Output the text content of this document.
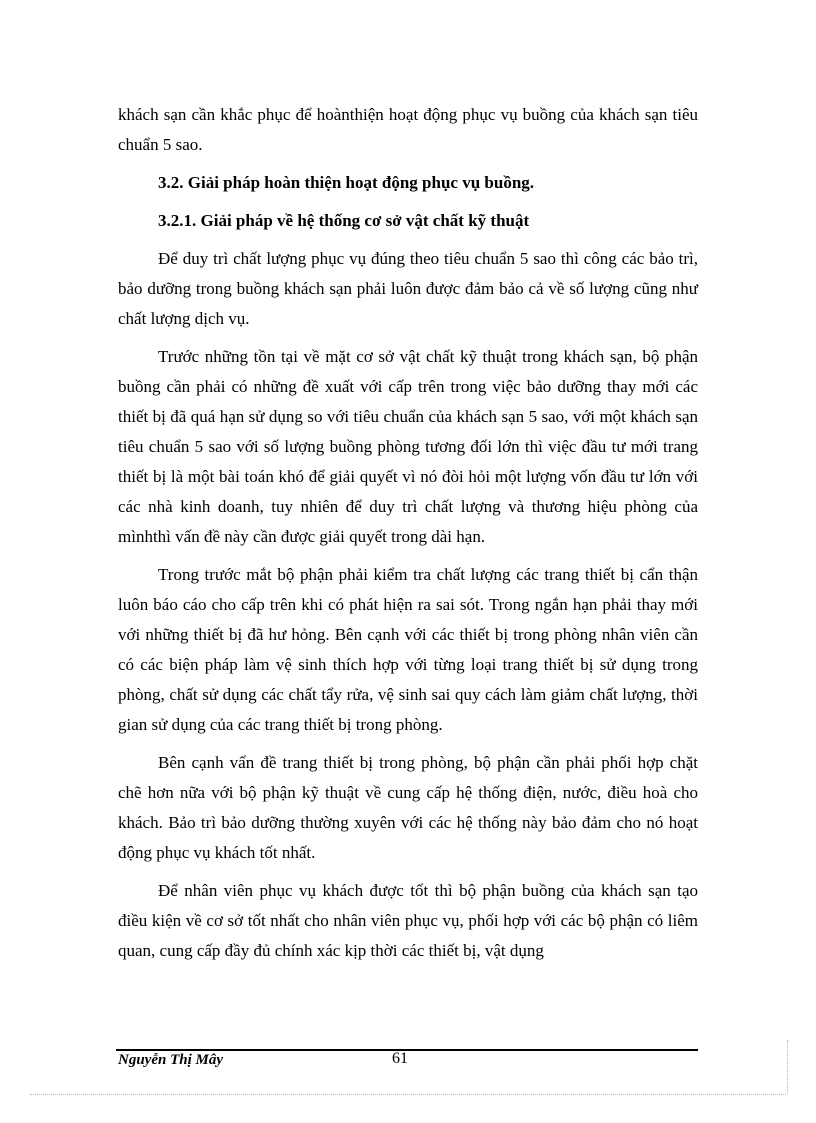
khách sạn cần khắc phục để hoànthiện hoạt động phục vụ buồng của khách sạn tiêu chuẩn 5 sao.

3.2. Giải pháp hoàn thiện hoạt động phục vụ buồng.

3.2.1. Giải pháp về hệ thống cơ sở vật chất kỹ thuật

Để duy trì chất lượng phục vụ đúng theo tiêu chuẩn 5 sao thì công các bảo trì, bảo dưỡng trong buồng khách sạn phải luôn được đảm bảo cả về số lượng cũng như chất lượng dịch vụ.

Trước những tồn tại về mặt cơ sở vật chất kỹ thuật trong khách sạn, bộ phận buồng cần phải có những đề xuất với cấp trên trong việc bảo dưỡng thay mới các thiết bị đã quá hạn sử dụng so với tiêu chuẩn của khách sạn 5 sao, với một khách sạn tiêu chuẩn 5 sao với số lượng buồng phòng tương đối lớn thì việc đầu tư mới trang thiết bị là một bài toán khó để giải quyết vì nó đòi hỏi một lượng vốn đầu tư lớn với các nhà kinh doanh, tuy nhiên để duy trì chất lượng và thương hiệu phòng của mìnhthì vấn đề này cần được giải quyết trong dài hạn.

Trong trước mắt bộ phận phải kiểm tra chất lượng các trang thiết bị cẩn thận luôn báo cáo cho cấp trên khi có phát hiện ra sai sót. Trong ngắn hạn phải thay mới với những thiết bị đã hư hỏng. Bên cạnh với các thiết bị trong phòng nhân viên cần có các biện pháp làm vệ sinh thích hợp với từng loại trang thiết bị sử dụng trong phòng, chất sử dụng các chất tẩy rửa, vệ sinh sai quy cách làm giảm chất lượng, thời gian sử dụng của các trang thiết bị trong phòng.

Bên cạnh vấn đề trang thiết bị trong phòng, bộ phận cần phải phối hợp chặt chẽ hơn nữa với bộ phận kỹ thuật về cung cấp hệ thống điện, nước, điều hoà cho khách. Bảo trì bảo dưỡng thường xuyên với các hệ thống này bảo đảm cho nó hoạt động phục vụ khách tốt nhất.

Để nhân viên phục vụ khách được tốt thì bộ phận buồng của khách sạn tạo điều kiện về cơ sở tốt nhất cho nhân viên phục vụ, phối hợp với các bộ phận có liêm quan, cung cấp đầy đủ chính xác kịp thời các thiết bị, vật dụng

Nguyễn Thị Mây	61
